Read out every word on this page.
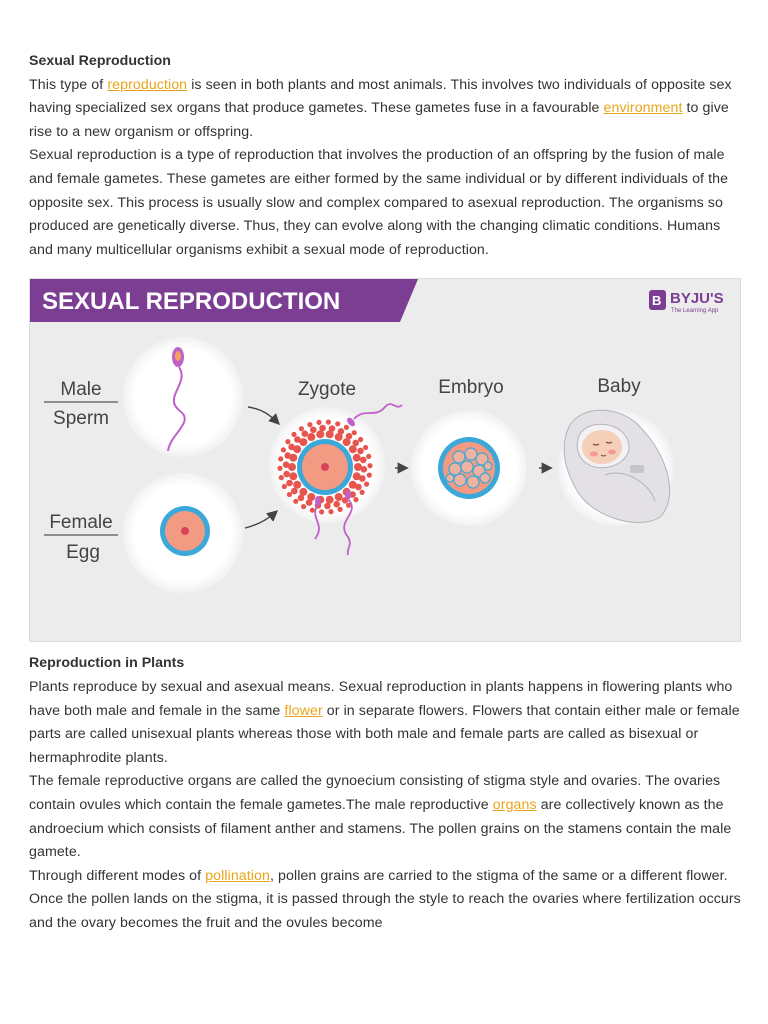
Sexual Reproduction

This type of reproduction is seen in both plants and most animals. This involves two individuals of opposite sex having specialized sex organs that produce gametes. These gametes fuse in a favourable environment to give rise to a new organism or offspring.

Sexual reproduction is a type of reproduction that involves the production of an offspring by the fusion of male and female gametes. These gametes are either formed by the same individual or by different individuals of the opposite sex. This process is usually slow and complex compared to asexual reproduction. The organisms so produced are genetically diverse. Thus, they can evolve along with the changing climatic conditions. Humans and many multicellular organisms exhibit a sexual mode of reproduction.

SEXUAL REPRODUCTION	B BYJU'S
The Learning App
Male
Sperm
Female
Egg
Zygote	Embryo	Baby

Reproduction in Plants

Plants reproduce by sexual and asexual means. Sexual reproduction in plants happens in flowering plants who have both male and female in the same flower or in separate flowers. Flowers that contain either male or female parts are called unisexual plants whereas those with both male and female parts are called as bisexual or hermaphrodite plants.

The female reproductive organs are called the gynoecium consisting of stigma style and ovaries. The ovaries contain ovules which contain the female gametes.The male reproductive organs are collectively known as the androecium which consists of filament anther and stamens. The pollen grains on the stamens contain the male gamete.

Through different modes of pollination, pollen grains are carried to the stigma of the same or a different flower. Once the pollen lands on the stigma, it is passed through the style to reach the ovaries where fertilization occurs and the ovary becomes the fruit and the ovules become
